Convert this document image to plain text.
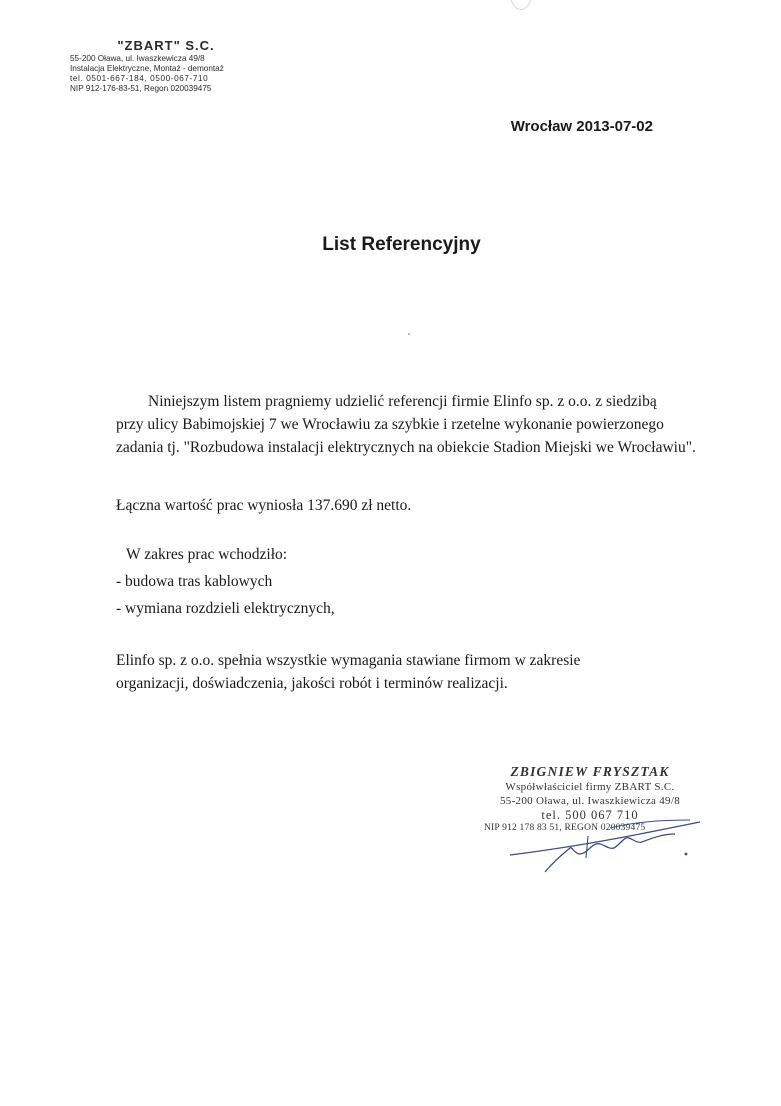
"ZBART" S.C.
55-200 Oława, ul. Iwaszkewicza 49/8
Instalacja Elektryczne, Montaż - demontaż
tel. 0501-667-184, 0500-067-710
NIP 912-176-83-51, Regon 020039475
Wrocław 2013-07-02
List Referencyjny
Niniejszym listem pragniemy udzielić referencji firmie Elinfo sp. z o.o. z siedzibą
przy ulicy Babimojskiej 7 we Wrocławiu za szybkie i rzetelne wykonanie powierzonego
zadania tj. "Rozbudowa instalacji elektrycznych na obiekcie Stadion Miejski we Wrocławiu".
Łączna wartość prac wyniosła 137.690 zł netto.
W zakres prac wchodziło:
- budowa tras kablowych
- wymiana rozdzieli elektrycznych,
Elinfo sp. z o.o. spełnia wszystkie wymagania stawiane firmom w zakresie
organizacji, doświadczenia, jakości robót i terminów realizacji.
ZBIGNIEW FRYSZTAK
Współwłaściciel firmy ZBART S.C.
55-200 Oława, ul. Iwaszkiewicza 49/8
tel. 500 067 710
NIP 912 178 83 51, REGON 020039475
